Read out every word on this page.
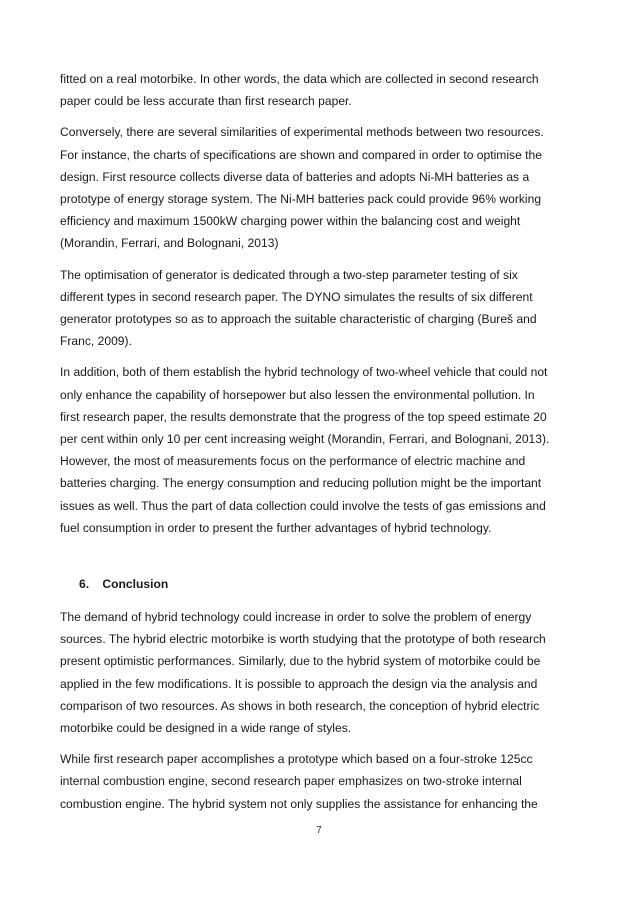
fitted on a real motorbike. In other words, the data which are collected in second research
paper could be less accurate than first research paper.

Conversely, there are several similarities of experimental methods between two resources.
For instance, the charts of specifications are shown and compared in order to optimise the
design. First resource collects diverse data of batteries and adopts Ni-MH batteries as a
prototype of energy storage system. The Ni-MH batteries pack could provide 96% working
efficiency and maximum 1500kW charging power within the balancing cost and weight
(Morandin, Ferrari, and Bolognani, 2013)

The optimisation of generator is dedicated through a two-step parameter testing of six
different types in second research paper. The DYNO simulates the results of six different
generator prototypes so as to approach the suitable characteristic of charging (Bureš and
Franc, 2009).

In addition, both of them establish the hybrid technology of two-wheel vehicle that could not
only enhance the capability of horsepower but also lessen the environmental pollution. In
first research paper, the results demonstrate that the progress of the top speed estimate 20
per cent within only 10 per cent increasing weight (Morandin, Ferrari, and Bolognani, 2013).
However, the most of measurements focus on the performance of electric machine and
batteries charging. The energy consumption and reducing pollution might be the important
issues as well. Thus the part of data collection could involve the tests of gas emissions and
fuel consumption in order to present the further advantages of hybrid technology.

6. Conclusion

The demand of hybrid technology could increase in order to solve the problem of energy
sources. The hybrid electric motorbike is worth studying that the prototype of both research
present optimistic performances. Similarly, due to the hybrid system of motorbike could be
applied in the few modifications. It is possible to approach the design via the analysis and
comparison of two resources. As shows in both research, the conception of hybrid electric
motorbike could be designed in a wide range of styles.

While first research paper accomplishes a prototype which based on a four-stroke 125cc
internal combustion engine, second research paper emphasizes on two-stroke internal
combustion engine. The hybrid system not only supplies the assistance for enhancing the

7
